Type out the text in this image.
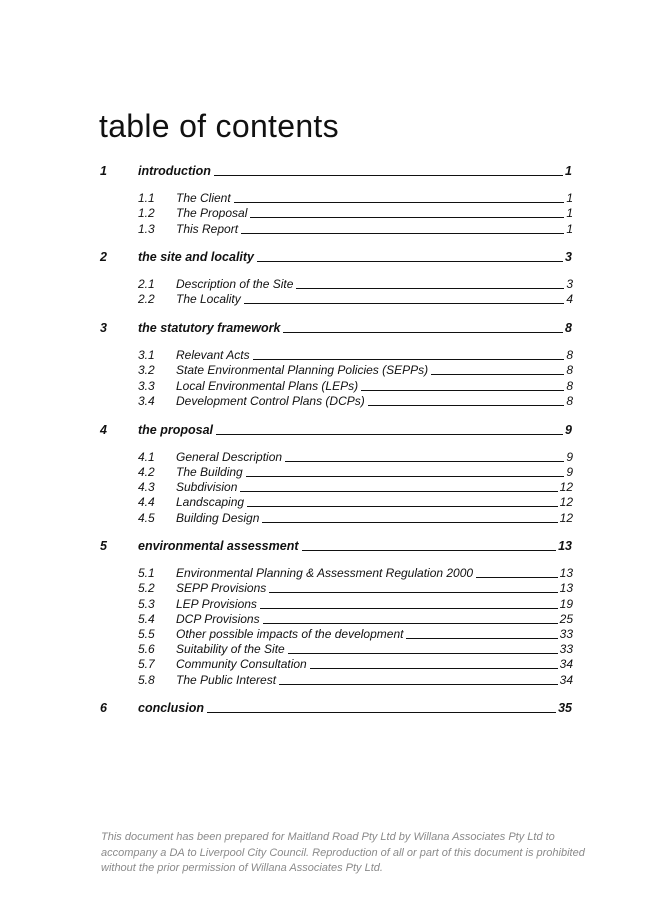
table of contents
1 introduction	1
1.1 The Client	1
1.2 The Proposal	1
1.3 This Report	1
2 the site and locality	3
2.1 Description of the Site	3
2.2 The Locality	4
3 the statutory framework	8
3.1 Relevant Acts	8
3.2 State Environmental Planning Policies (SEPPs)	8
3.3 Local Environmental Plans (LEPs)	8
3.4 Development Control Plans (DCPs)	8
4 the proposal	9
4.1 General Description	9
4.2 The Building	9
4.3 Subdivision	12
4.4 Landscaping	12
4.5 Building Design	12
5 environmental assessment	13
5.1 Environmental Planning & Assessment Regulation 2000	13
5.2 SEPP Provisions	13
5.3 LEP Provisions	19
5.4 DCP Provisions	25
5.5 Other possible impacts of the development	33
5.6 Suitability of the Site	33
5.7 Community Consultation	34
5.8 The Public Interest	34
6 conclusion	35

This document has been prepared for Maitland Road Pty Ltd by Willana Associates Pty Ltd to accompany a DA to Liverpool City Council. Reproduction of all or part of this document is prohibited without the prior permission of Willana Associates Pty Ltd.
